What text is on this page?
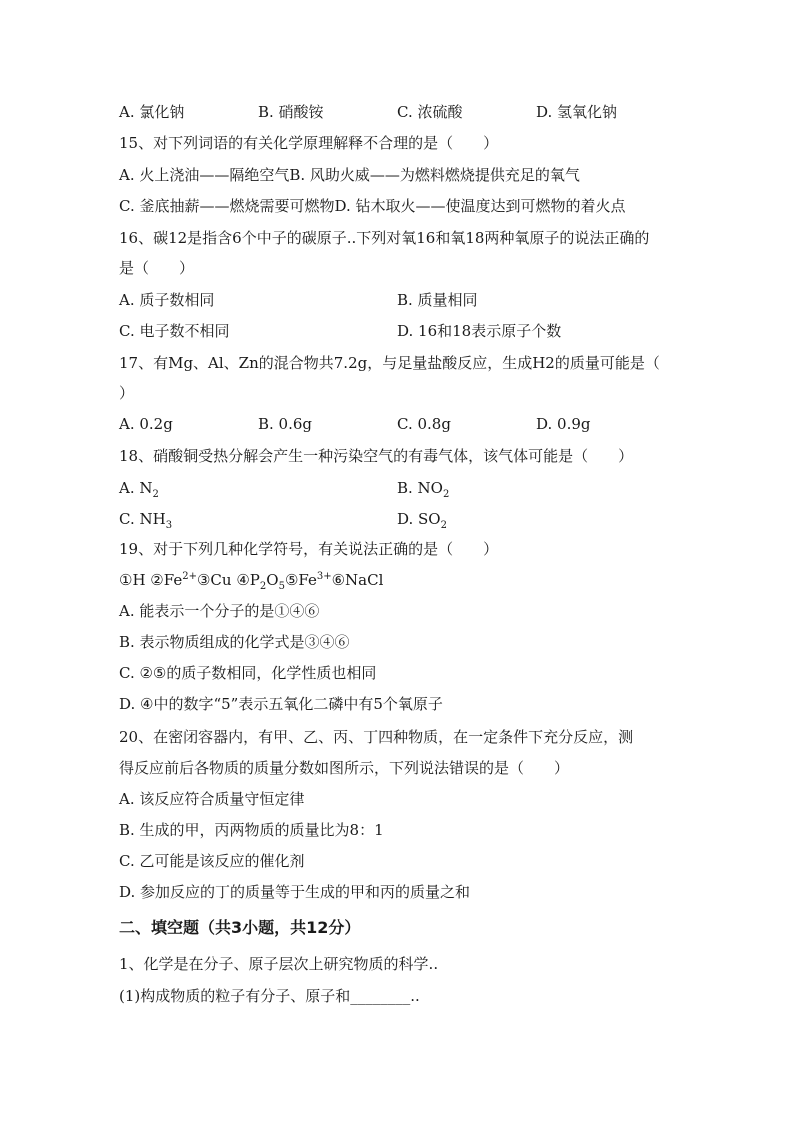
A. 氯化钠	B. 硝酸铵	C. 浓硫酸	D. 氢氧化钠
15、对下列词语的有关化学原理解释不合理的是（　　）
A. 火上浇油——隔绝空气B. 风助火威——为燃料燃烧提供充足的氧气
C. 釜底抽薪——燃烧需要可燃物D. 钻木取火——使温度达到可燃物的着火点
16、碳12是指含6个中子的碳原子..下列对氧16和氧18两种氧原子的说法正确的
是（　　）
A. 质子数相同	B. 质量相同
C. 电子数不相同	D. 16和18表示原子个数
17、有Mg、Al、Zn的混合物共7.2g，与足量盐酸反应，生成H2的质量可能是（
）
A. 0.2g	B. 0.6g	C. 0.8g	D. 0.9g
18、硝酸铜受热分解会产生一种污染空气的有毒气体，该气体可能是（　　）
A. $N_2$	B. $NO_2$
C. $NH_3$	D. $SO_2$
19、对于下列几种化学符号，有关说法正确的是（　　）
①H $②Fe^{2+}③Cu$ $④P_2O_5⑤Fe^{3+}⑥NaCl$
A. 能表示一个分子的是①④⑥
B. 表示物质组成的化学式是③④⑥
C. ②⑤的质子数相同，化学性质也相同
D. ④中的数字“5”表示五氧化二磷中有5个氧原子
20、在密闭容器内，有甲、乙、丙、丁四种物质，在一定条件下充分反应，测
得反应前后各物质的质量分数如图所示，下列说法错误的是（　　）
A. 该反应符合质量守恒定律
B. 生成的甲，丙两物质的质量比为8：1
C. 乙可能是该反应的催化剂
D. 参加反应的丁的质量等于生成的甲和丙的质量之和
二、填空题（共3小题，共12分）
1、化学是在分子、原子层次上研究物质的科学..
(1)构成物质的粒子有分子、原子和________..
